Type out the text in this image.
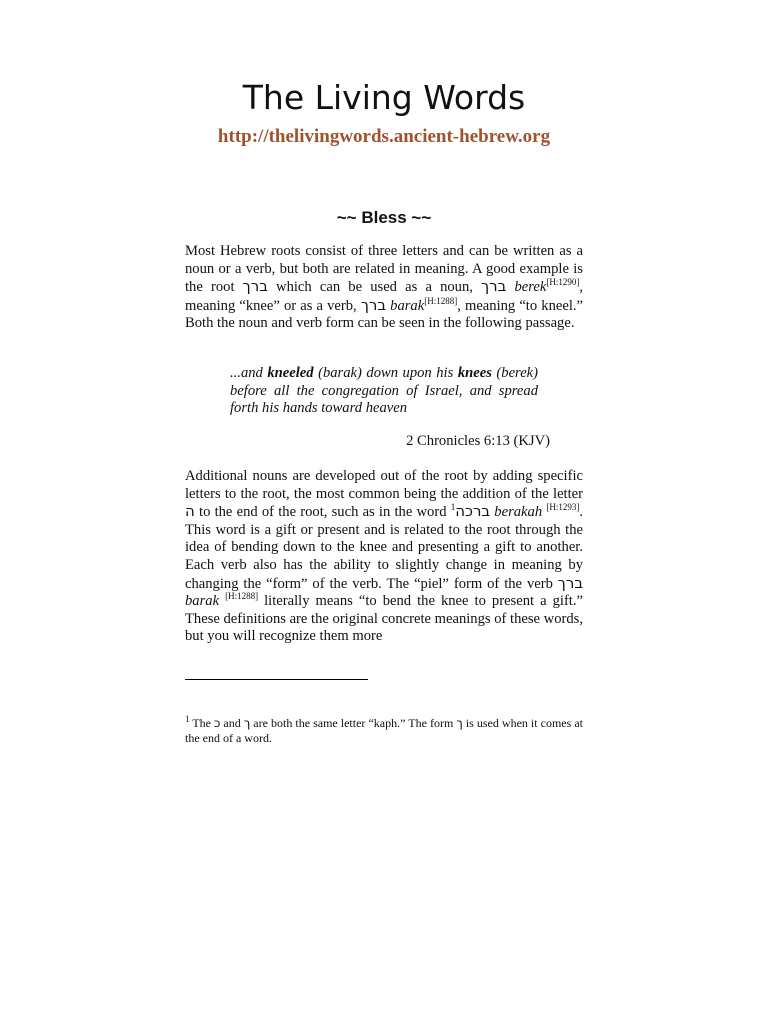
The Living Words
http://thelivingwords.ancient-hebrew.org
~~ Bless ~~

Most Hebrew roots consist of three letters and can be written as a noun or a verb, but both are related in meaning. A good example is the root ברך which can be used as a noun, ברך berek[H:1290], meaning “knee” or as a verb, ברך barak[H:1288], meaning “to kneel.” Both the noun and verb form can be seen in the following passage.

...and kneeled (barak) down upon his knees (berek) before all the congregation of Israel, and spread forth his hands toward heaven

2 Chronicles 6:13 (KJV)

Additional nouns are developed out of the root by adding specific letters to the root, the most common being the addition of the letter ה to the end of the root, such as in the word ברכה$^1$	berakah [H:1293]. This word is a gift or present and is related to the root through the idea of bending down to the knee and presenting a gift to another. Each verb also has the ability to slightly change in meaning by changing the “form” of the verb. The “piel” form of the verb ברך barak [H:1288] literally means “to bend the knee to present a gift.” These definitions are the original concrete meanings of these words, but you will recognize them more

$^1$ The כ and ך are both the same letter “kaph.” The form ך is used when it comes at the end of a word.
